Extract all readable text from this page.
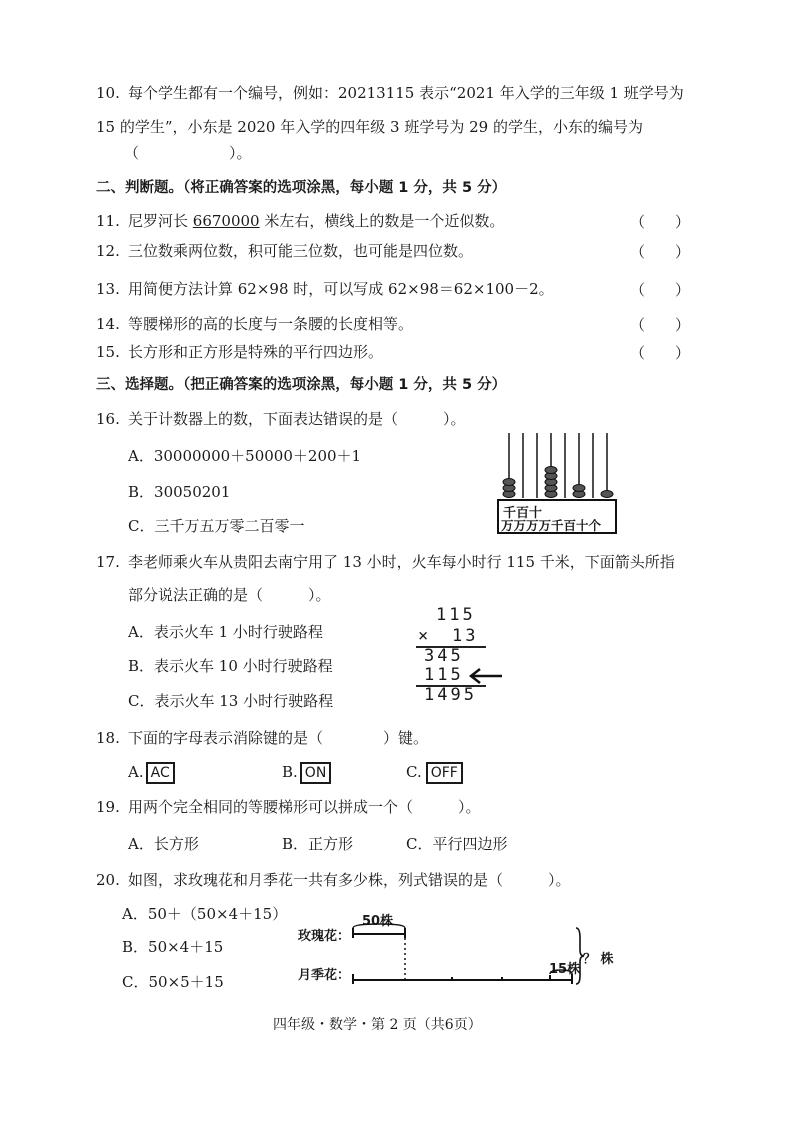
10. 每个学生都有一个编号，例如：20213115 表示“2021 年入学的三年级 1 班学号为
15 的学生”，小东是 2020 年入学的四年级 3 班学号为 29 的学生，小东的编号为
（　　　　　　）。
二、判断题。（将正确答案的选项涂黑，每小题 1 分，共 5 分）
11. 尼罗河长 6670000 米左右，横线上的数是一个近似数。	（　　）
12. 三位数乘两位数，积可能三位数，也可能是四位数。	（　　）
13. 用简便方法计算 62×98 时，可以写成 62×98＝62×100－2。	（　　）
14. 等腰梯形的高的长度与一条腰的长度相等。	（　　）
15. 长方形和正方形是特殊的平行四边形。	（　　）
三、选择题。（把正确答案的选项涂黑，每小题 1 分，共 5 分）
16. 关于计数器上的数，下面表达错误的是（　　　）。
A．30000000＋50000＋200＋1
B．30050201
C．三千万五万零二百零一
千百十
万万万万千百十个
17. 李老师乘火车从贵阳去南宁用了 13 小时，火车每小时行 115 千米，下面箭头所指
部分说法正确的是（　　　）。
A．表示火车 1 小时行驶路程
B．表示火车 10 小时行驶路程
C．表示火车 13 小时行驶路程
115
× 13
345
115
1495
18. 下面的字母表示消除键的是（　　　　）键。
A. AC	B. ON	C. OFF
19. 用两个完全相同的等腰梯形可以拼成一个（　　　）。
A．长方形	B．正方形	C．平行四边形
20. 如图，求玫瑰花和月季花一共有多少株，列式错误的是（　　　）。
A．50＋（50×4＋15）
B．50×4＋15
C．50×5＋15
玫瑰花：
月季花：
50株
15株
？ 株
四年级・数学・第 2 页（共6页）
